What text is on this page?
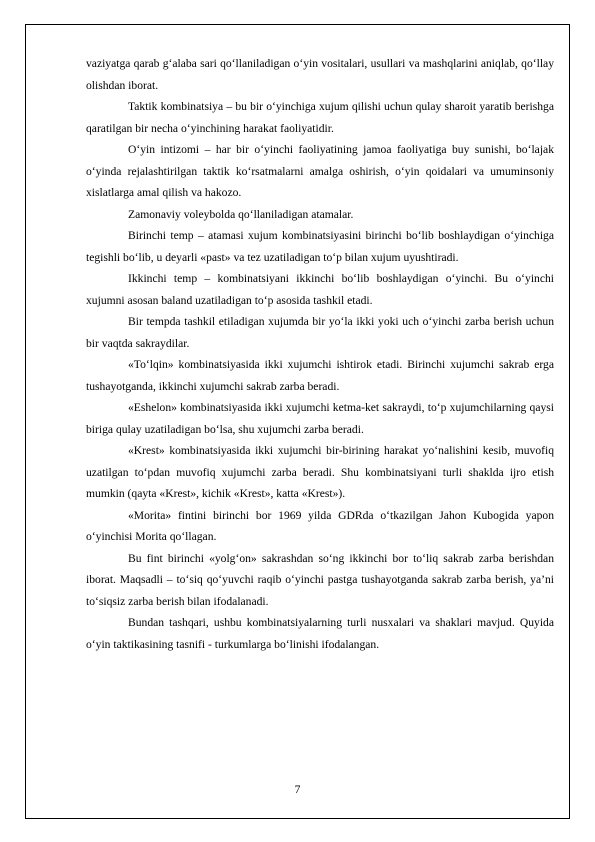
vaziyatga qarab g‘alaba sari qo‘llaniladigan o‘yin vositalari, usullari va mashqlarini aniqlab, qo‘llay olishdan iborat.

Taktik kombinatsiya – bu bir o‘yinchiga xujum qilishi uchun qulay sharoit yaratib berishga qaratilgan bir necha o‘yinchining harakat faoliyatidir.

O‘yin intizomi – har bir o‘yinchi faoliyatining jamoa faoliyatiga buy sunishi, bo‘lajak o‘yinda rejalashtirilgan taktik ko‘rsatmalarni amalga oshirish, o‘yin qoidalari va umuminsoniy xislatlarga amal qilish va hakozo.

Zamonaviy voleybolda qo‘llaniladigan atamalar.

Birinchi temp – atamasi xujum kombinatsiyasini birinchi bo‘lib boshlaydigan o‘yinchiga tegishli bo‘lib, u deyarli «past» va tez uzatiladigan to‘p bilan xujum uyushtiradi.

Ikkinchi temp – kombinatsiyani ikkinchi bo‘lib boshlaydigan o‘yinchi. Bu o‘yinchi xujumni asosan baland uzatiladigan to‘p asosida tashkil etadi.

Bir tempda tashkil etiladigan xujumda bir yo‘la ikki yoki uch o‘yinchi zarba berish uchun bir vaqtda sakraydilar.

«To‘lqin» kombinatsiyasida ikki xujumchi ishtirok etadi. Birinchi xujumchi sakrab erga tushayotganda, ikkinchi xujumchi sakrab zarba beradi.

«Eshelon» kombinatsiyasida ikki xujumchi ketma-ket sakraydi, to‘p xujumchilarning qaysi biriga qulay uzatiladigan bo‘lsa, shu xujumchi zarba beradi.

«Krest» kombinatsiyasida ikki xujumchi bir-birining harakat yo‘nalishini kesib, muvofiq uzatilgan to‘pdan muvofiq xujumchi zarba beradi. Shu kombinatsiyani turli shaklda ijro etish mumkin (qayta «Krest», kichik «Krest», katta «Krest»).

«Morita» fintini birinchi bor 1969 yilda GDRda o‘tkazilgan Jahon Kubogida yapon o‘yinchisi Morita qo‘llagan.

Bu fint birinchi «yolg‘on» sakrashdan so‘ng ikkinchi bor to‘liq sakrab zarba berishdan iborat. Maqsadli – to‘siq qo‘yuvchi raqib o‘yinchi pastga tushayotganda sakrab zarba berish, ya’ni to‘siqsiz zarba berish bilan ifodalanadi.

Bundan tashqari, ushbu kombinatsiyalarning turli nusxalari va shaklari mavjud. Quyida o‘yin taktikasining tasnifi - turkumlarga bo‘linishi ifodalangan.

7
